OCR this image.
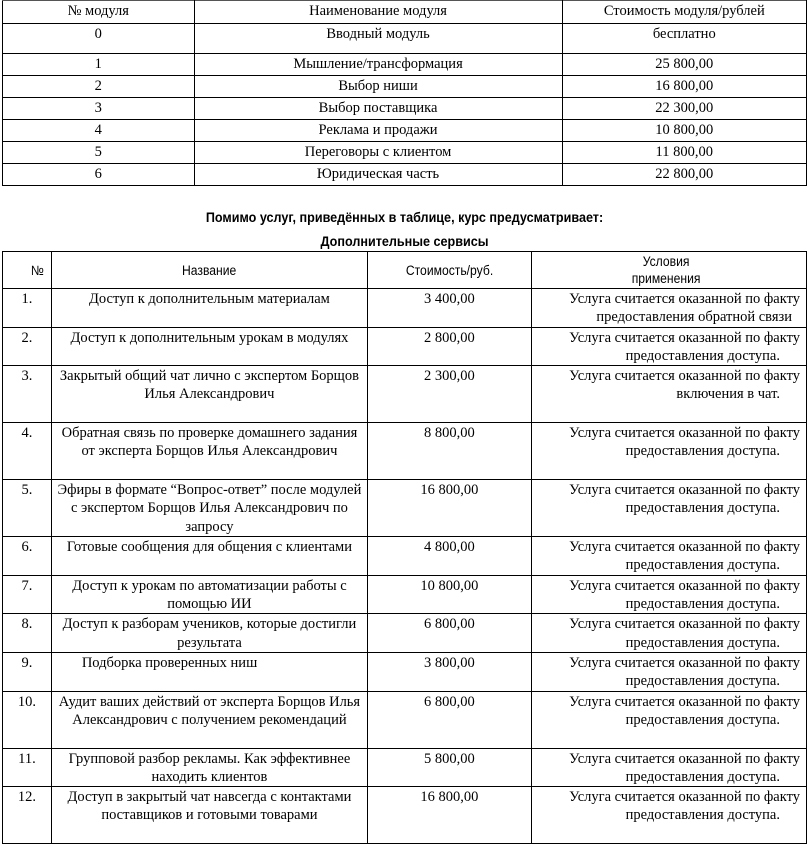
№ модуля	Наименование модуля	Стоимость модуля/рублей
0	Вводный модуль	бесплатно
1	Мышление/трансформация	25 800,00
2	Выбор ниши	16 800,00
3	Выбор поставщика	22 300,00
4	Реклама и продажи	10 800,00
5	Переговоры с клиентом	11 800,00
6	Юридическая часть	22 800,00
Помимо услуг, приведённых в таблице, курс предусматривает:
Дополнительные сервисы
№	Название	Стоимость/руб.	Условия
применения

1.	Доступ к дополнительным материалам	3 400,00	Услуга считается оказанной по факту
предоставления обратной связи

2.	Доступ к дополнительным урокам в модулях	2 800,00	Услуга считается оказанной по факту
предоставления доступа.

3.	Закрытый общий чат лично с экспертом Борщов Илья Александрович	2 300,00	Услуга считается оказанной по факту
включения в чат.

4.	Обратная связь по проверке домашнего задания от эксперта Борщов Илья Александрович	8 800,00	Услуга считается оказанной по факту
предоставления доступа.

5.	Эфиры в формате “Вопрос-ответ” после модулей с экспертом Борщов Илья Александрович по запросу	16 800,00	Услуга считается оказанной по факту
предоставления доступа.

6.	Готовые сообщения для общения с клиентами	4 800,00	Услуга считается оказанной по факту
предоставления доступа.

7.	Доступ к урокам по автоматизации работы с помощью ИИ	10 800,00	Услуга считается оказанной по факту
предоставления доступа.

8.	Доступ к разборам учеников, которые достигли результата	6 800,00	Услуга считается оказанной по факту
предоставления доступа.

9.	Подборка проверенных ниш	3 800,00	Услуга считается оказанной по факту
предоставления доступа.

10.	Аудит ваших действий от эксперта Борщов Илья Александрович с получением рекомендаций	6 800,00	Услуга считается оказанной по факту
предоставления доступа.

11.	Групповой разбор рекламы. Как эффективнее находить клиентов	5 800,00	Услуга считается оказанной по факту
предоставления доступа.

12.	Доступ в закрытый чат навсегда с контактами поставщиков и готовыми товарами	16 800,00	Услуга считается оказанной по факту
предоставления доступа.
